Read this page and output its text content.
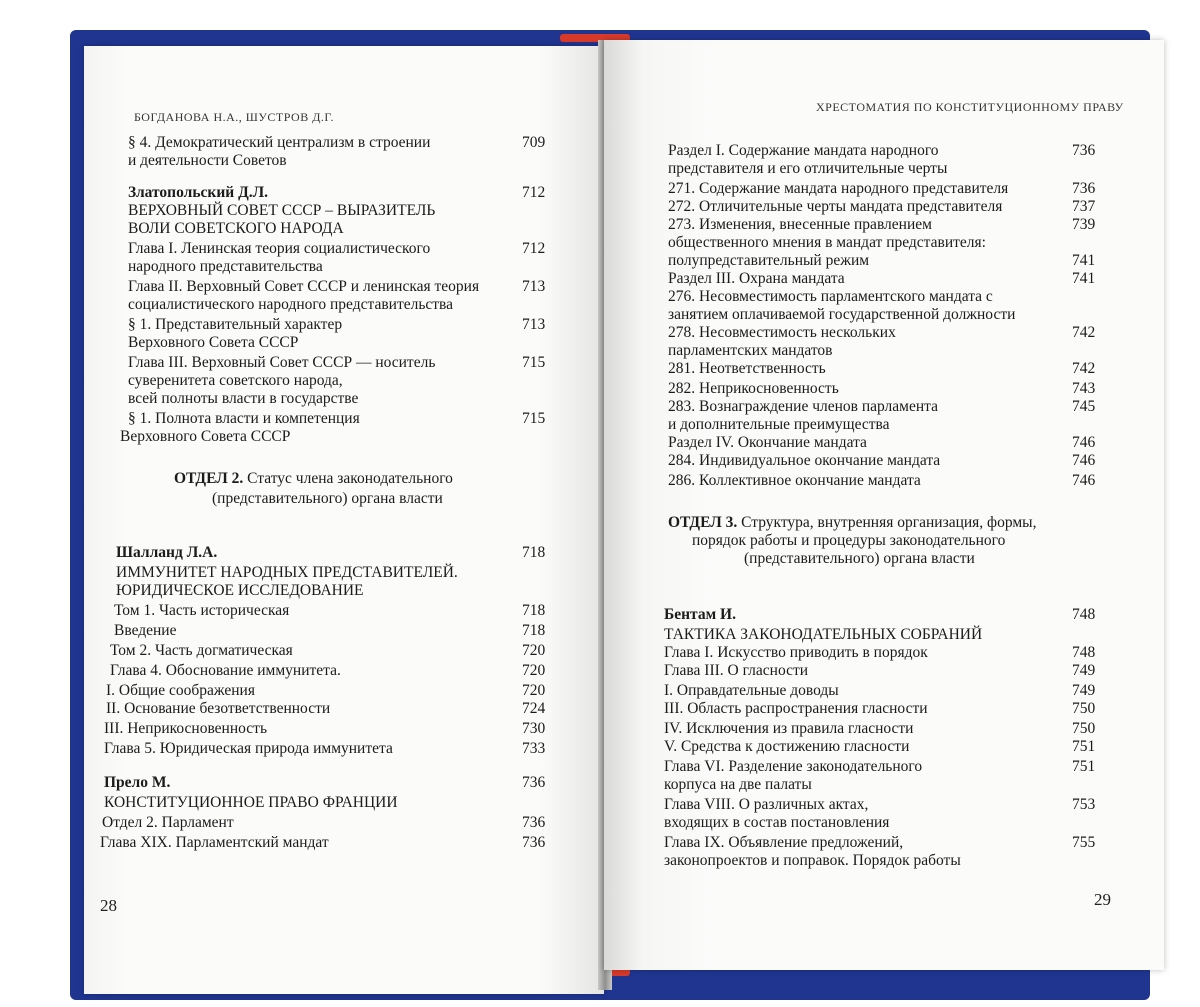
БОГДАНОВА Н.А., ШУСТРОВ Д.Г.
§ 4. Демократический централизм в строении	709
и деятельности Советов
Златопольский Д.Л.	712
ВЕРХОВНЫЙ СОВЕТ СССР – ВЫРАЗИТЕЛЬ
ВОЛИ СОВЕТСКОГО НАРОДА
Глава I. Ленинская теория социалистического	712
народного представительства
Глава II. Верховный Совет СССР и ленинская теория	713
социалистического народного представительства
§ 1. Представительный характер	713
Верховного Совета СССР
Глава III. Верховный Совет СССР — носитель	715
суверенитета советского народа,
всей полноты власти в государстве
§ 1. Полнота власти и компетенция	715
Верховного Совета СССР
ОТДЕЛ 2. Статус члена законодательного
(представительного) органа власти
Шалланд Л.А.	718
ИММУНИТЕТ НАРОДНЫХ ПРЕДСТАВИТЕЛЕЙ.
ЮРИДИЧЕСКОЕ ИССЛЕДОВАНИЕ
Том 1. Часть историческая	718
Введение	718
Том 2. Часть догматическая	720
Глава 4. Обоснование иммунитета.	720
I. Общие соображения	720
II. Основание безответственности	724
III. Неприкосновенность	730
Глава 5. Юридическая природа иммунитета	733
Прело М.	736
КОНСТИТУЦИОННОЕ ПРАВО ФРАНЦИИ
Отдел 2. Парламент	736
Глава XIX. Парламентский мандат	736
28
ХРЕСТОМАТИЯ ПО КОНСТИТУЦИОННОМУ ПРАВУ
Раздел I. Содержание мандата народного	736
представителя и его отличительные черты
271. Содержание мандата народного представителя	736
272. Отличительные черты мандата представителя	737
273. Изменения, внесенные правлением	739
общественного мнения в мандат представителя:
полупредставительный режим	741
Раздел III. Охрана мандата	741
276. Несовместимость парламентского мандата с
занятием оплачиваемой государственной должности
278. Несовместимость нескольких	742
парламентских мандатов
281. Неответственность	742
282. Неприкосновенность	743
283. Вознаграждение членов парламента	745
и дополнительные преимущества
Раздел IV. Окончание мандата	746
284. Индивидуальное окончание мандата	746
286. Коллективное окончание мандата	746
ОТДЕЛ 3. Структура, внутренняя организация, формы,
порядок работы и процедуры законодательного
(представительного) органа власти
Бентам И.	748
ТАКТИКА ЗАКОНОДАТЕЛЬНЫХ СОБРАНИЙ
Глава I. Искусство приводить в порядок	748
Глава III. О гласности	749
I. Оправдательные доводы	749
III. Область распространения гласности	750
IV. Исключения из правила гласности	750
V. Средства к достижению гласности	751
Глава VI. Разделение законодательного	751
корпуса на две палаты
Глава VIII. О различных актах,	753
входящих в состав постановления
Глава IX. Объявление предложений,	755
законопроектов и поправок. Порядок работы
29
